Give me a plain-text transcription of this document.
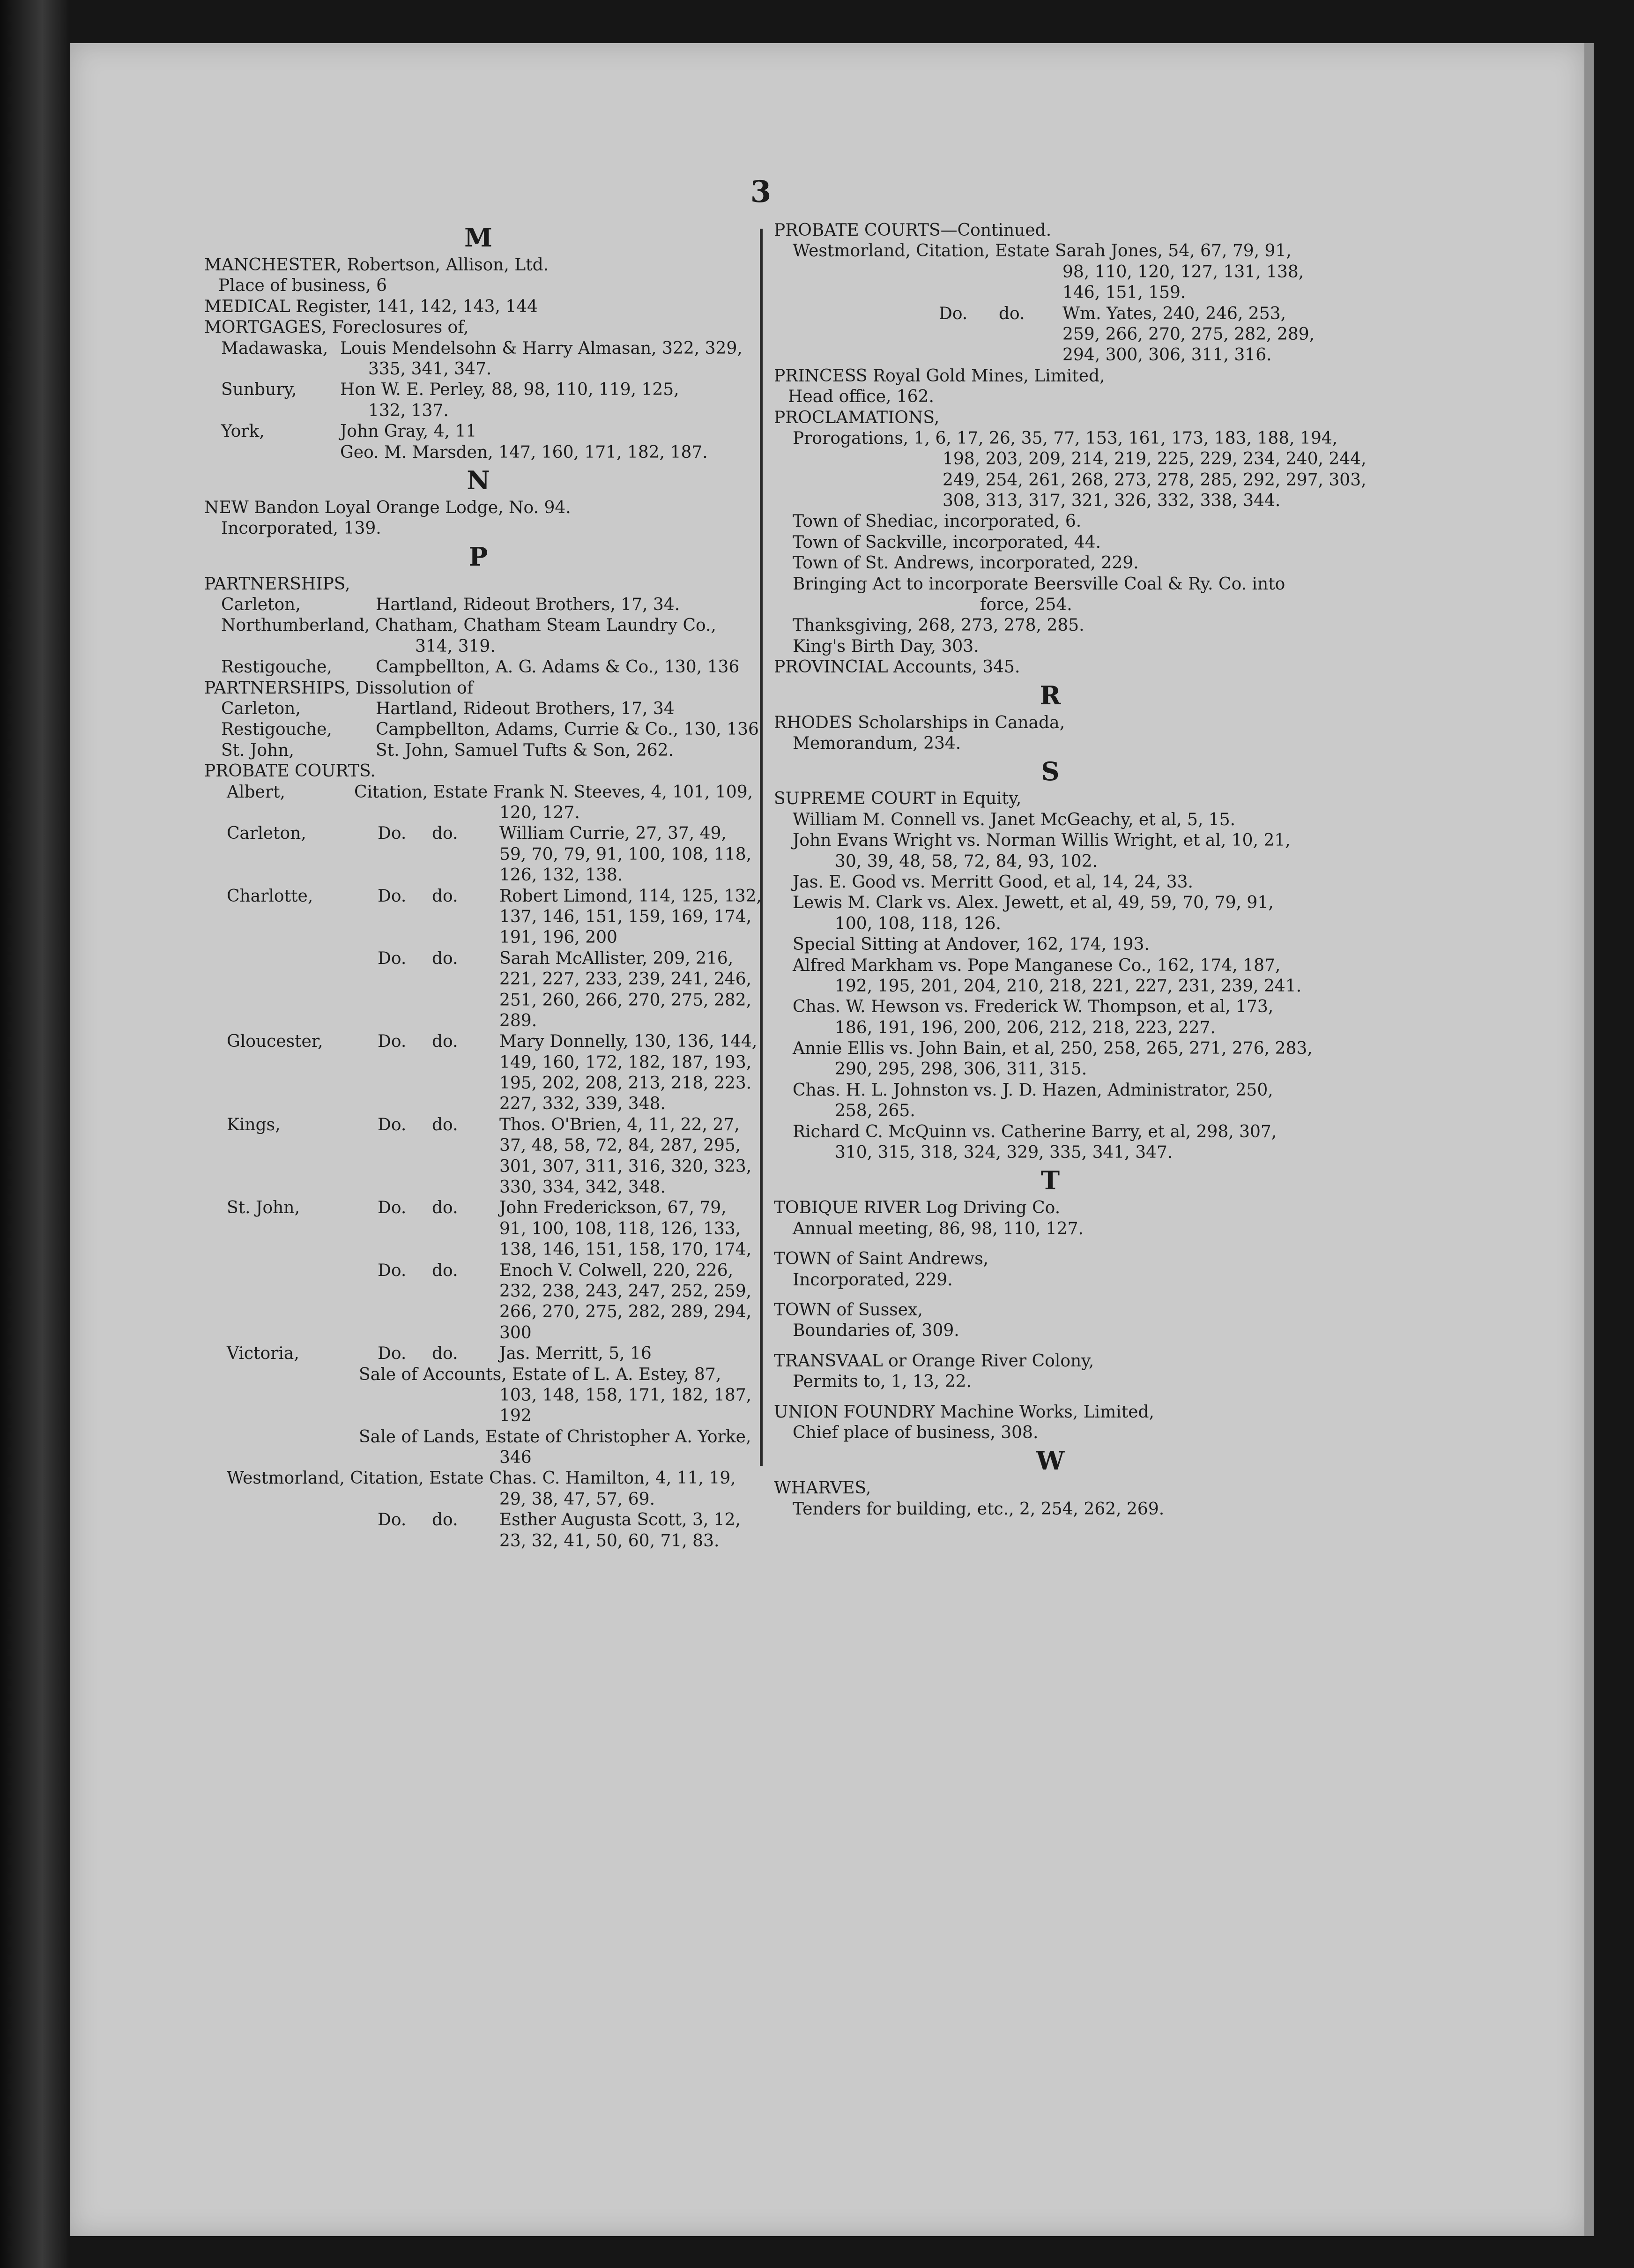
3
M
MANCHESTER, Robertson, Allison, Ltd.
Place of business, 6
MEDICAL Register, 141, 142, 143, 144
MORTGAGES, Foreclosures of,
Madawaska, Louis Mendelsohn & Harry Almasan, 322, 329,
335, 341, 347.
Sunbury,	Hon W. E. Perley, 88, 98, 110, 119, 125,
132, 137.
York,	John Gray, 4, 11
Geo. M. Marsden, 147, 160, 171, 182, 187.
N
NEW Bandon Loyal Orange Lodge, No. 94.
Incorporated, 139.
P
PARTNERSHIPS,
Carleton,	Hartland, Rideout Brothers, 17, 34.
Northumberland, Chatham, Chatham Steam Laundry Co.,
314, 319.
Restigouche,	Campbellton, A. G. Adams & Co., 130, 136
PARTNERSHIPS, Dissolution of
Carleton,	Hartland, Rideout Brothers, 17, 34
Restigouche,	Campbellton, Adams, Currie & Co., 130, 136
St. John,	St. John, Samuel Tufts & Son, 262.
PROBATE COURTS.
Albert,	Citation, Estate Frank N. Steeves, 4, 101, 109,
120, 127.
Carleton,	Do. do. William Currie, 27, 37, 49,
59, 70, 79, 91, 100, 108, 118,
126, 132, 138.
Charlotte,	Do. do. Robert Limond, 114, 125, 132,
137, 146, 151, 159, 169, 174,
191, 196, 200
Do. do. Sarah McAllister, 209, 216,
221, 227, 233, 239, 241, 246,
251, 260, 266, 270, 275, 282,
289.
Gloucester,	Do. do. Mary Donnelly, 130, 136, 144,
149, 160, 172, 182, 187, 193,
195, 202, 208, 213, 218, 223.
227, 332, 339, 348.
Kings,	Do. do. Thos. O'Brien, 4, 11, 22, 27,
37, 48, 58, 72, 84, 287, 295,
301, 307, 311, 316, 320, 323,
330, 334, 342, 348.
St. John,	Do. do. John Frederickson, 67, 79,
91, 100, 108, 118, 126, 133,
138, 146, 151, 158, 170, 174,
Do. do. Enoch V. Colwell, 220, 226,
232, 238, 243, 247, 252, 259,
266, 270, 275, 282, 289, 294,
300
Victoria,	Do. do. Jas. Merritt, 5, 16
Sale of Accounts, Estate of L. A. Estey, 87,
103, 148, 158, 171, 182, 187,
192
Sale of Lands, Estate of Christopher A. Yorke,
346
Westmorland, Citation, Estate Chas. C. Hamilton, 4, 11, 19,
29, 38, 47, 57, 69.
Do. do. Esther Augusta Scott, 3, 12,
23, 32, 41, 50, 60, 71, 83.
PROBATE COURTS—Continued.
Westmorland, Citation, Estate Sarah Jones, 54, 67, 79, 91,
98, 110, 120, 127, 131, 138,
146, 151, 159.
Do. do. Wm. Yates, 240, 246, 253,
259, 266, 270, 275, 282, 289,
294, 300, 306, 311, 316.
PRINCESS Royal Gold Mines, Limited,
Head office, 162.
PROCLAMATIONS,
Prorogations, 1, 6, 17, 26, 35, 77, 153, 161, 173, 183, 188, 194,
198, 203, 209, 214, 219, 225, 229, 234, 240, 244,
249, 254, 261, 268, 273, 278, 285, 292, 297, 303,
308, 313, 317, 321, 326, 332, 338, 344.
Town of Shediac, incorporated, 6.
Town of Sackville, incorporated, 44.
Town of St. Andrews, incorporated, 229.
Bringing Act to incorporate Beersville Coal & Ry. Co. into
force, 254.
Thanksgiving, 268, 273, 278, 285.
King's Birth Day, 303.
PROVINCIAL Accounts, 345.
R
RHODES Scholarships in Canada,
Memorandum, 234.
S
SUPREME COURT in Equity,
William M. Connell vs. Janet McGeachy, et al, 5, 15.
John Evans Wright vs. Norman Willis Wright, et al, 10, 21,
30, 39, 48, 58, 72, 84, 93, 102.
Jas. E. Good vs. Merritt Good, et al, 14, 24, 33.
Lewis M. Clark vs. Alex. Jewett, et al, 49, 59, 70, 79, 91,
100, 108, 118, 126.
Special Sitting at Andover, 162, 174, 193.
Alfred Markham vs. Pope Manganese Co., 162, 174, 187,
192, 195, 201, 204, 210, 218, 221, 227, 231, 239, 241.
Chas. W. Hewson vs. Frederick W. Thompson, et al, 173,
186, 191, 196, 200, 206, 212, 218, 223, 227.
Annie Ellis vs. John Bain, et al, 250, 258, 265, 271, 276, 283,
290, 295, 298, 306, 311, 315.
Chas. H. L. Johnston vs. J. D. Hazen, Administrator, 250,
258, 265.
Richard C. McQuinn vs. Catherine Barry, et al, 298, 307,
310, 315, 318, 324, 329, 335, 341, 347.
T
TOBIQUE RIVER Log Driving Co.
Annual meeting, 86, 98, 110, 127.
TOWN of Saint Andrews,
Incorporated, 229.
TOWN of Sussex,
Boundaries of, 309.
TRANSVAAL or Orange River Colony,
Permits to, 1, 13, 22.
UNION FOUNDRY Machine Works, Limited,
Chief place of business, 308.
W
WHARVES,
Tenders for building, etc., 2, 254, 262, 269.
